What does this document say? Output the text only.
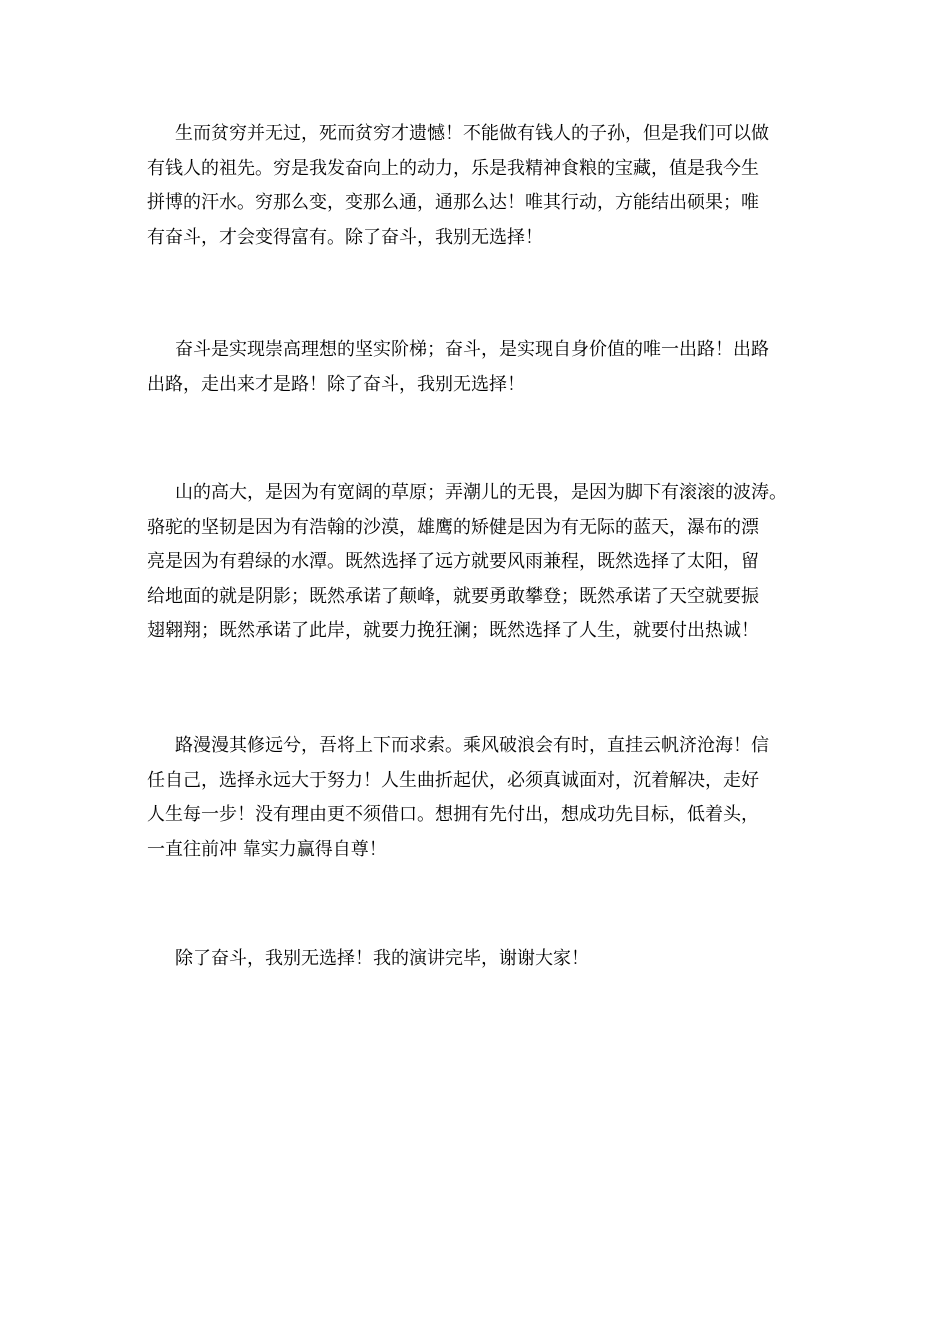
生而贫穷并无过，死而贫穷才遗憾！不能做有钱人的子孙，但是我们可以做
有钱人的祖先。穷是我发奋向上的动力，乐是我精神食粮的宝藏，值是我今生
拼博的汗水。穷那么变，变那么通，通那么达！唯其行动，方能结出硕果；唯
有奋斗，才会变得富有。除了奋斗，我别无选择！

奋斗是实现崇高理想的坚实阶梯；奋斗，是实现自身价值的唯一出路！出路
出路，走出来才是路！除了奋斗，我别无选择！

山的高大，是因为有宽阔的草原；弄潮儿的无畏，是因为脚下有滚滚的波涛。
骆驼的坚韧是因为有浩翰的沙漠，雄鹰的矫健是因为有无际的蓝天，瀑布的漂
亮是因为有碧绿的水潭。既然选择了远方就要风雨兼程，既然选择了太阳，留
给地面的就是阴影；既然承诺了颠峰，就要勇敢攀登；既然承诺了天空就要振
翅翱翔；既然承诺了此岸，就要力挽狂澜；既然选择了人生，就要付出热诚！

路漫漫其修远兮，吾将上下而求索。乘风破浪会有时，直挂云帆济沧海！信
任自己，选择永远大于努力！人生曲折起伏，必须真诚面对，沉着解决，走好
人生每一步！没有理由更不须借口。想拥有先付出，想成功先目标，低着头，
一直往前冲 靠实力赢得自尊！

除了奋斗，我别无选择！我的演讲完毕，谢谢大家！
